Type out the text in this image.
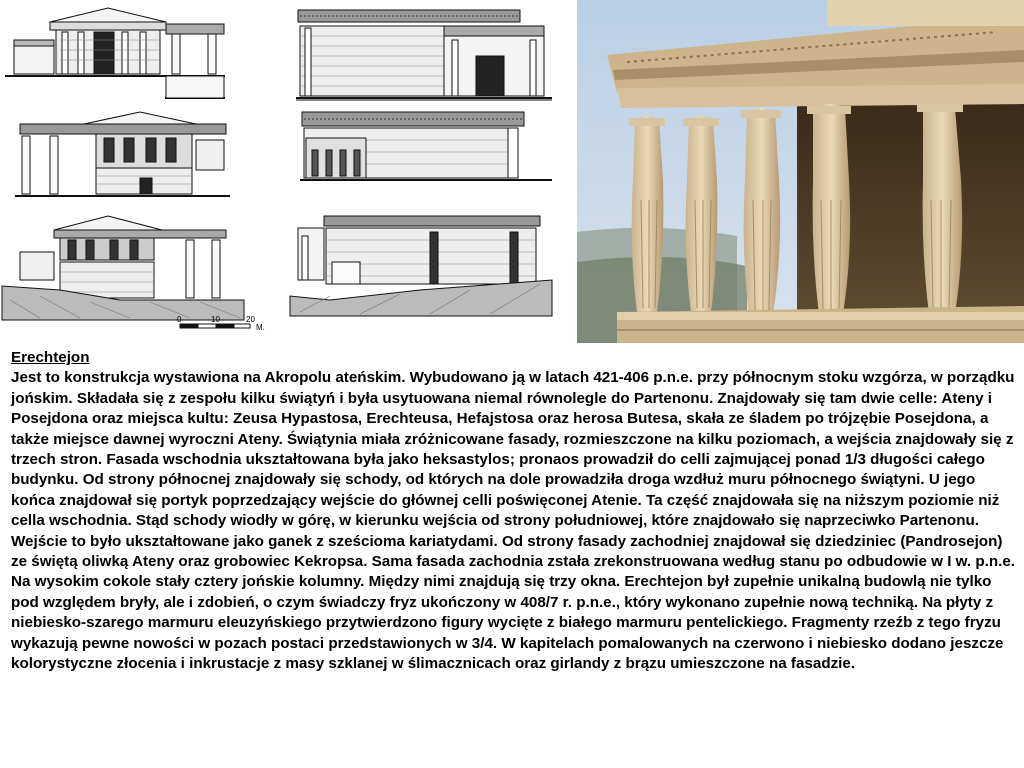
0	10	20
M.
Erechtejon
Jest to konstrukcja wystawiona na Akropolu ateńskim. Wybudowano ją w latach 421-406 p.n.e. przy północnym stoku wzgórza, w porządku jońskim. Składała się z zespołu kilku świątyń i była usytuowana niemal równolegle do Partenonu. Znajdowały się tam dwie celle: Ateny i Posejdona oraz miejsca kultu: Zeusa Hypastosa, Erechteusa, Hefajstosa oraz herosa Butesa, skała ze śladem po trójzębie Posejdona, a także miejsce dawnej wyroczni Ateny. Świątynia miała zróżnicowane fasady, rozmieszczone na kilku poziomach, a wejścia znajdowały się z trzech stron. Fasada wschodnia ukształtowana była jako heksastylos; pronaos prowadził do celli zajmującej ponad 1/3 długości całego budynku. Od strony północnej znajdowały się schody, od których na dole prowadziła droga wzdłuż muru północnego świątyni. U jego końca znajdował się portyk poprzedzający wejście do głównej celli poświęconej Atenie. Ta część znajdowała się na niższym poziomie niż cella wschodnia. Stąd schody wiodły w górę, w kierunku wejścia od strony południowej, które znajdowało się naprzeciwko Partenonu. Wejście to było ukształtowane jako ganek z sześcioma kariatydami. Od strony fasady zachodniej znajdował się dziedziniec (Pandrosejon) ze świętą oliwką Ateny oraz grobowiec Kekropsa. Sama fasada zachodnia zstała zrekonstruowana według stanu po odbudowie w I w. p.n.e. Na wysokim cokole stały cztery jońskie kolumny. Między nimi znajdują się trzy okna. Erechtejon był zupełnie unikalną budowlą nie tylko pod względem bryły, ale i zdobień, o czym świadczy fryz ukończony w 408/7 r. p.n.e., który wykonano zupełnie nową techniką. Na płyty z niebiesko-szarego marmuru eleuzyńskiego przytwierdzono figury wycięte z białego marmuru pentelickiego. Fragmenty rzeźb z tego fryzu wykazują pewne nowości w pozach postaci przedstawionych w 3/4. W kapitelach pomalowanych na czerwono i niebiesko dodano jeszcze kolorystyczne złocenia i inkrustacje z masy szklanej w ślimacznicach oraz girlandy z brązu umieszczone na fasadzie.
